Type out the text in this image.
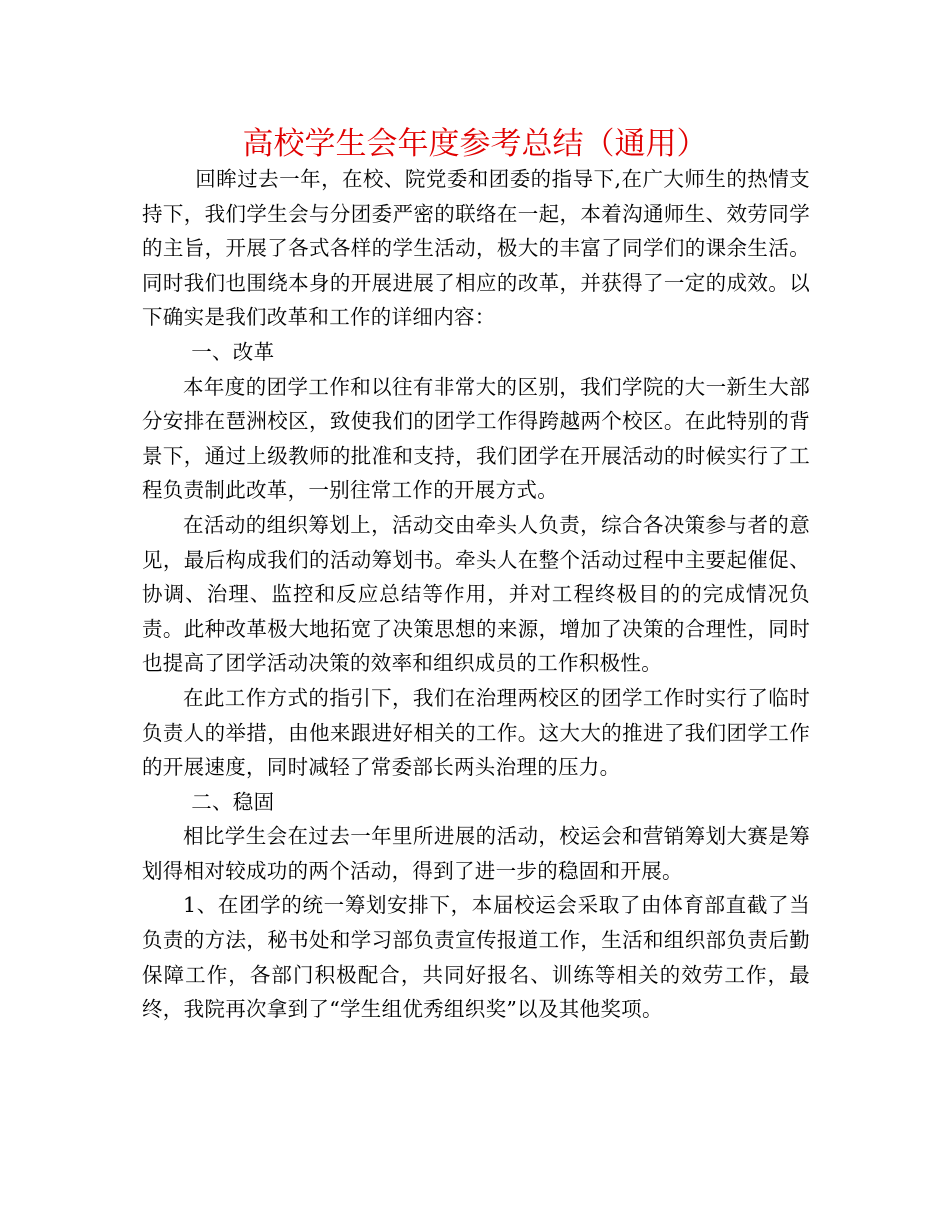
高校学生会年度参考总结（通用）

回眸过去一年，在校、院党委和团委的指导下,在广大师生的热情支持下，我们学生会与分团委严密的联络在一起，本着沟通师生、效劳同学的主旨，开展了各式各样的学生活动，极大的丰富了同学们的课余生活。同时我们也围绕本身的开展进展了相应的改革，并获得了一定的成效。以下确实是我们改革和工作的详细内容：

一、改革

本年度的团学工作和以往有非常大的区别，我们学院的大一新生大部分安排在琶洲校区，致使我们的团学工作得跨越两个校区。在此特别的背景下，通过上级教师的批准和支持，我们团学在开展活动的时候实行了工程负责制此改革，一别往常工作的开展方式。

在活动的组织筹划上，活动交由牵头人负责，综合各决策参与者的意见，最后构成我们的活动筹划书。牵头人在整个活动过程中主要起催促、协调、治理、监控和反应总结等作用，并对工程终极目的的完成情况负责。此种改革极大地拓宽了决策思想的来源，增加了决策的合理性，同时也提高了团学活动决策的效率和组织成员的工作积极性。

在此工作方式的指引下，我们在治理两校区的团学工作时实行了临时负责人的举措，由他来跟进好相关的工作。这大大的推进了我们团学工作的开展速度，同时减轻了常委部长两头治理的压力。

二、稳固

相比学生会在过去一年里所进展的活动，校运会和营销筹划大赛是筹划得相对较成功的两个活动，得到了进一步的稳固和开展。

1、在团学的统一筹划安排下，本届校运会采取了由体育部直截了当负责的方法，秘书处和学习部负责宣传报道工作，生活和组织部负责后勤保障工作，各部门积极配合，共同好报名、训练等相关的效劳工作，最终，我院再次拿到了“学生组优秀组织奖”以及其他奖项。
